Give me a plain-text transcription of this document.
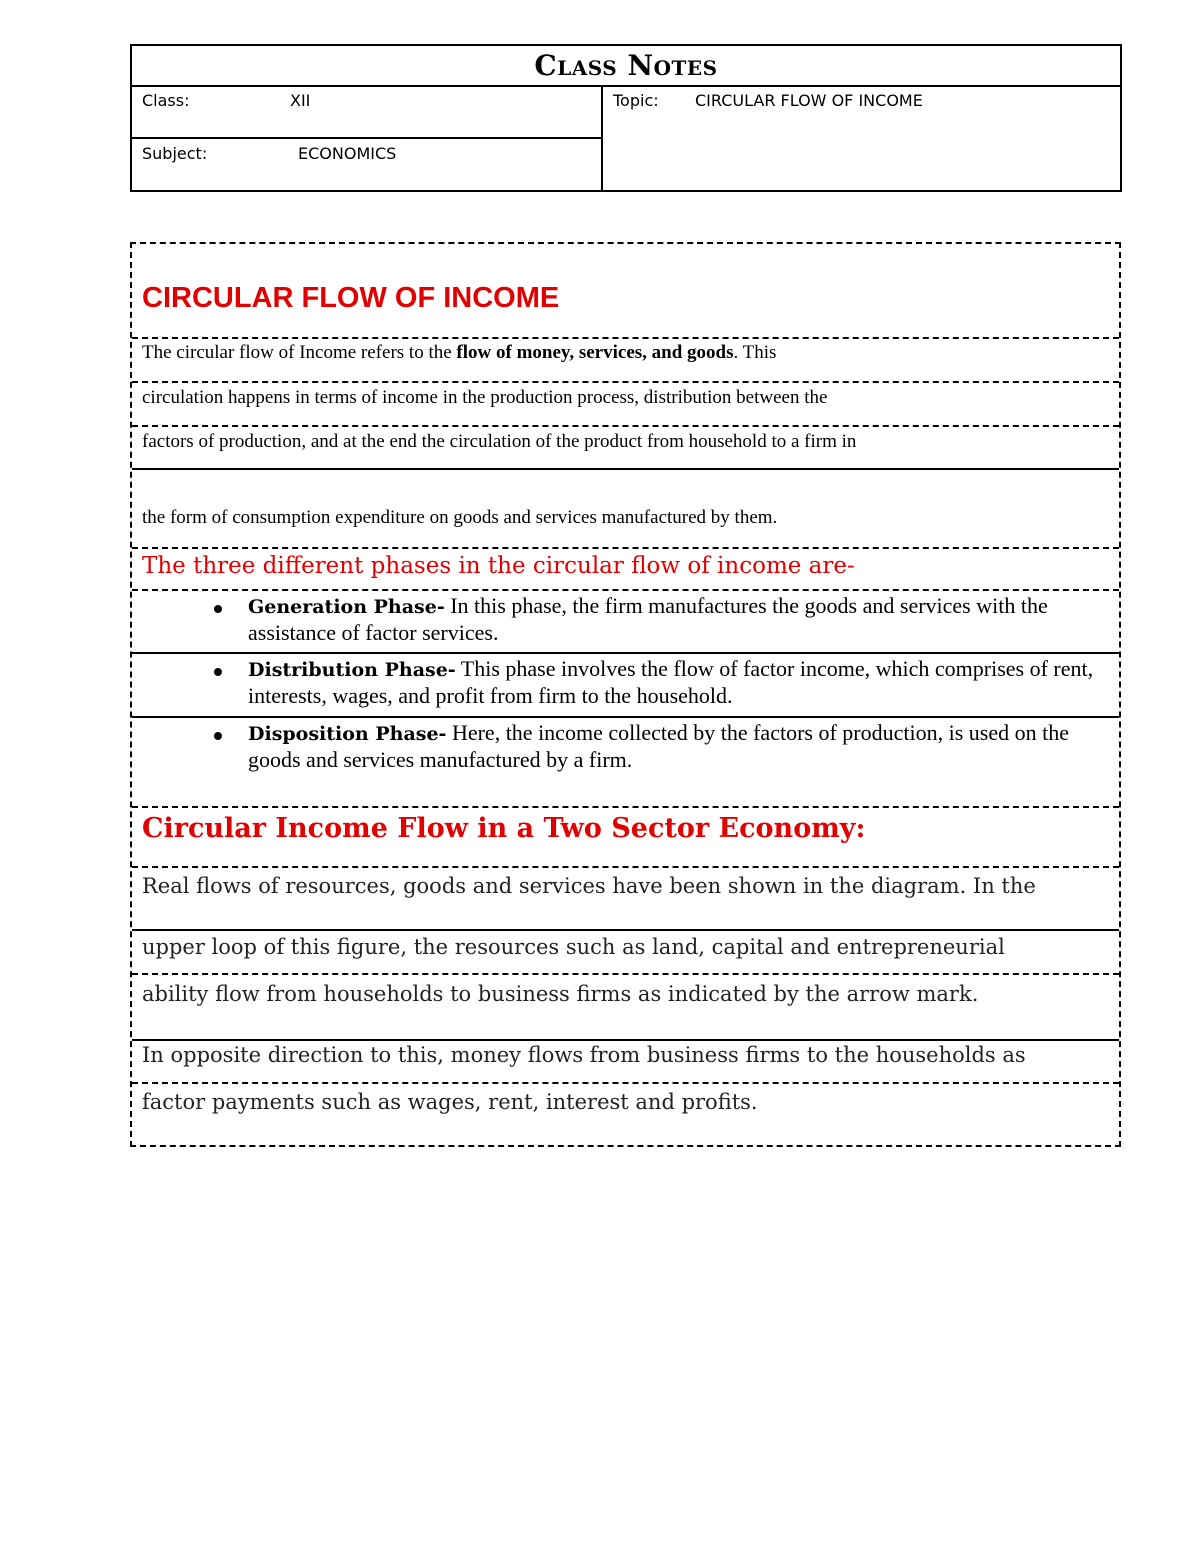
Class Notes
Class:	XII
Subject:	ECONOMICS
Topic: CIRCULAR FLOW OF INCOME
CIRCULAR FLOW OF INCOME
The circular flow of Income refers to the flow of money, services, and goods. This
circulation happens in terms of income in the production process, distribution between the
factors of production, and at the end the circulation of the product from household to a firm in
the form of consumption expenditure on goods and services manufactured by them.
The three different phases in the circular flow of income are-
Generation Phase- In this phase, the firm manufactures the goods and services with the assistance of factor services.
Distribution Phase- This phase involves the flow of factor income, which comprises of rent, interests, wages, and profit from firm to the household.
Disposition Phase- Here, the income collected by the factors of production, is used on the goods and services manufactured by a firm.
Circular Income Flow in a Two Sector Economy:
Real flows of resources, goods and services have been shown in the diagram. In the
upper loop of this figure, the resources such as land, capital and entrepreneurial
ability flow from households to business firms as indicated by the arrow mark.
In opposite direction to this, money flows from business firms to the households as
factor payments such as wages, rent, interest and profits.
